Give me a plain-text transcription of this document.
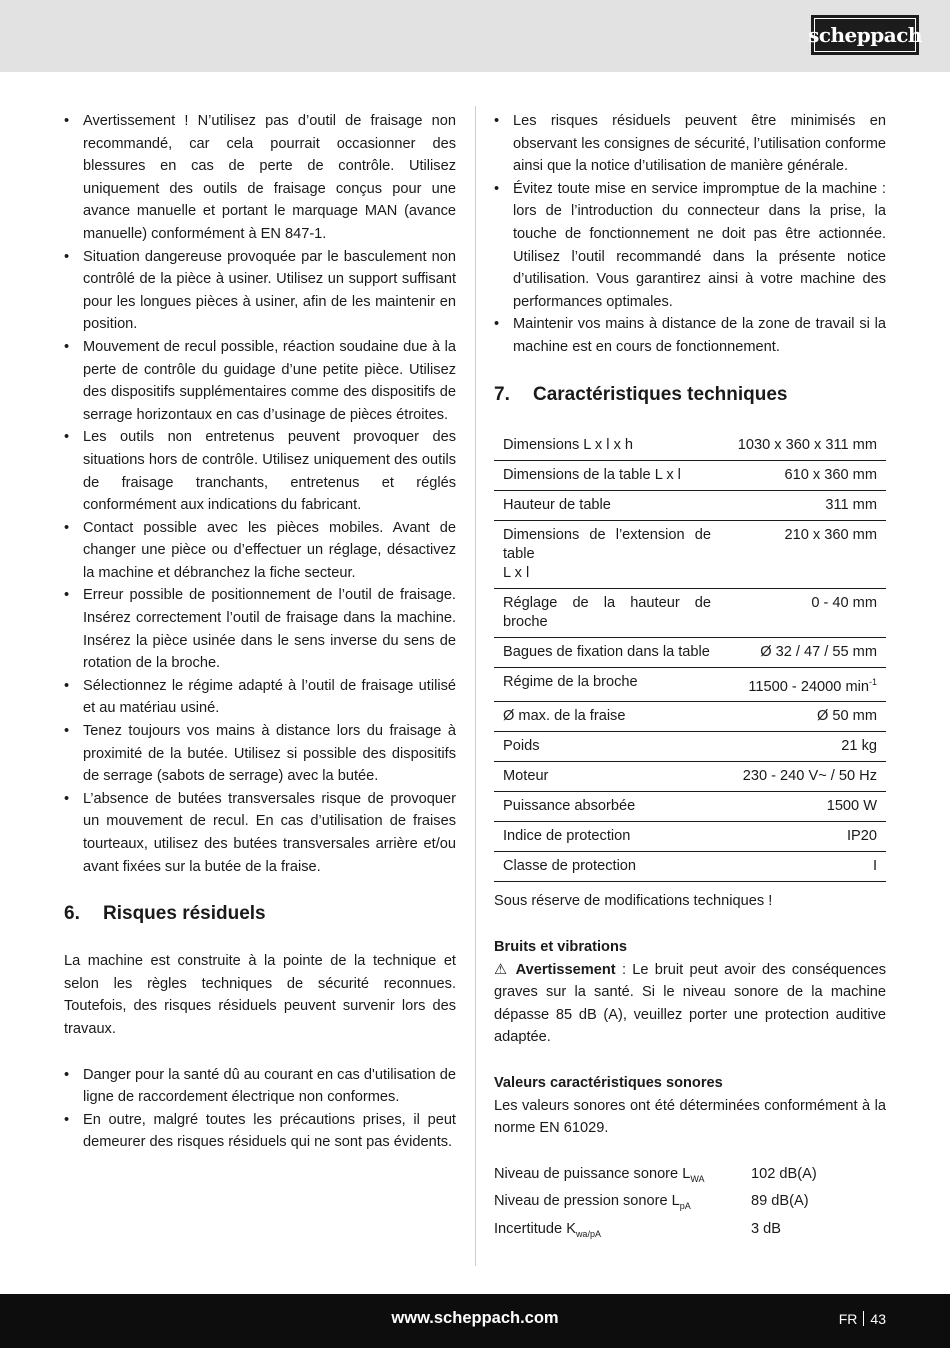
scheppach
• Avertissement ! N’utilisez pas d’outil de fraisage non recommandé, car cela pourrait occasionner des blessures en cas de perte de contrôle. Utilisez uniquement des outils de fraisage conçus pour une avance manuelle et portant le marquage MAN (avance manuelle) conformément à EN 847-1.
• Situation dangereuse provoquée par le basculement non contrôlé de la pièce à usiner. Utilisez un support suffisant pour les longues pièces à usiner, afin de les maintenir en position.
• Mouvement de recul possible, réaction soudaine due à la perte de contrôle du guidage d’une petite pièce. Utilisez des dispositifs supplémentaires comme des dispositifs de serrage horizontaux en cas d’usinage de pièces étroites.
• Les outils non entretenus peuvent provoquer des situations hors de contrôle. Utilisez uniquement des outils de fraisage tranchants, entretenus et réglés conformément aux indications du fabricant.
• Contact possible avec les pièces mobiles. Avant de changer une pièce ou d’effectuer un réglage, désactivez la machine et débranchez la fiche secteur.
• Erreur possible de positionnement de l’outil de fraisage. Insérez correctement l’outil de fraisage dans la machine. Insérez la pièce usinée dans le sens inverse du sens de rotation de la broche.
• Sélectionnez le régime adapté à l’outil de fraisage utilisé et au matériau usiné.
• Tenez toujours vos mains à distance lors du fraisage à proximité de la butée. Utilisez si possible des dispositifs de serrage (sabots de serrage) avec la butée.
• L’absence de butées transversales risque de provoquer un mouvement de recul. En cas d’utilisation de fraises tourteaux, utilisez des butées transversales arrière et/ou avant fixées sur la butée de la fraise.
6.	Risques résiduels

La machine est construite à la pointe de la technique et selon les règles techniques de sécurité reconnues. Toutefois, des risques résiduels peuvent survenir lors des travaux.

• Danger pour la santé dû au courant en cas d'utilisation de ligne de raccordement électrique non conformes.
• En outre, malgré toutes les précautions prises, il peut demeurer des risques résiduels qui ne sont pas évidents.
• Les risques résiduels peuvent être minimisés en observant les consignes de sécurité, l’utilisation conforme ainsi que la notice d’utilisation de manière générale.
• Évitez toute mise en service impromptue de la machine : lors de l’introduction du connecteur dans la prise, la touche de fonctionnement ne doit pas être actionnée. Utilisez l’outil recommandé dans la présente notice d’utilisation. Vous garantirez ainsi à votre machine des performances optimales.
• Maintenir vos mains à distance de la zone de travail si la machine est en cours de fonctionnement.
7.	Caractéristiques techniques
Dimensions L x l x h	1030 x 360 x 311 mm
Dimensions de la table L x l	610 x 360 mm
Hauteur de table	311 mm
Dimensions de l’extension de table
L x l	210 x 360 mm
Réglage de la hauteur de broche	0 - 40 mm
Bagues de fixation dans la table	Ø 32 / 47 / 55 mm
Régime de la broche	11500 - 24000 $\min^{-1}$
Ø max. de la fraise	Ø 50 mm
Poids	21 kg
Moteur	230 - 240 V~ / 50 Hz
Puissance absorbée	1500 W
Indice de protection	IP20
Classe de protection	I

Sous réserve de modifications techniques !

Bruits et vibrations

⚠ Avertissement : Le bruit peut avoir des conséquences graves sur la santé. Si le niveau sonore de la machine dépasse 85 dB (A), veuillez porter une protection auditive adaptée.

Valeurs caractéristiques sonores

Les valeurs sonores ont été déterminées conformément à la norme EN 61029.

Niveau de puissance sonore $L_{WA}$	102 dB(A)
Niveau de pression sonore $L_{pA}$	89 dB(A)
Incertitude $K_{wa/pA}$	3 dB
www.scheppach.com	FR 43
